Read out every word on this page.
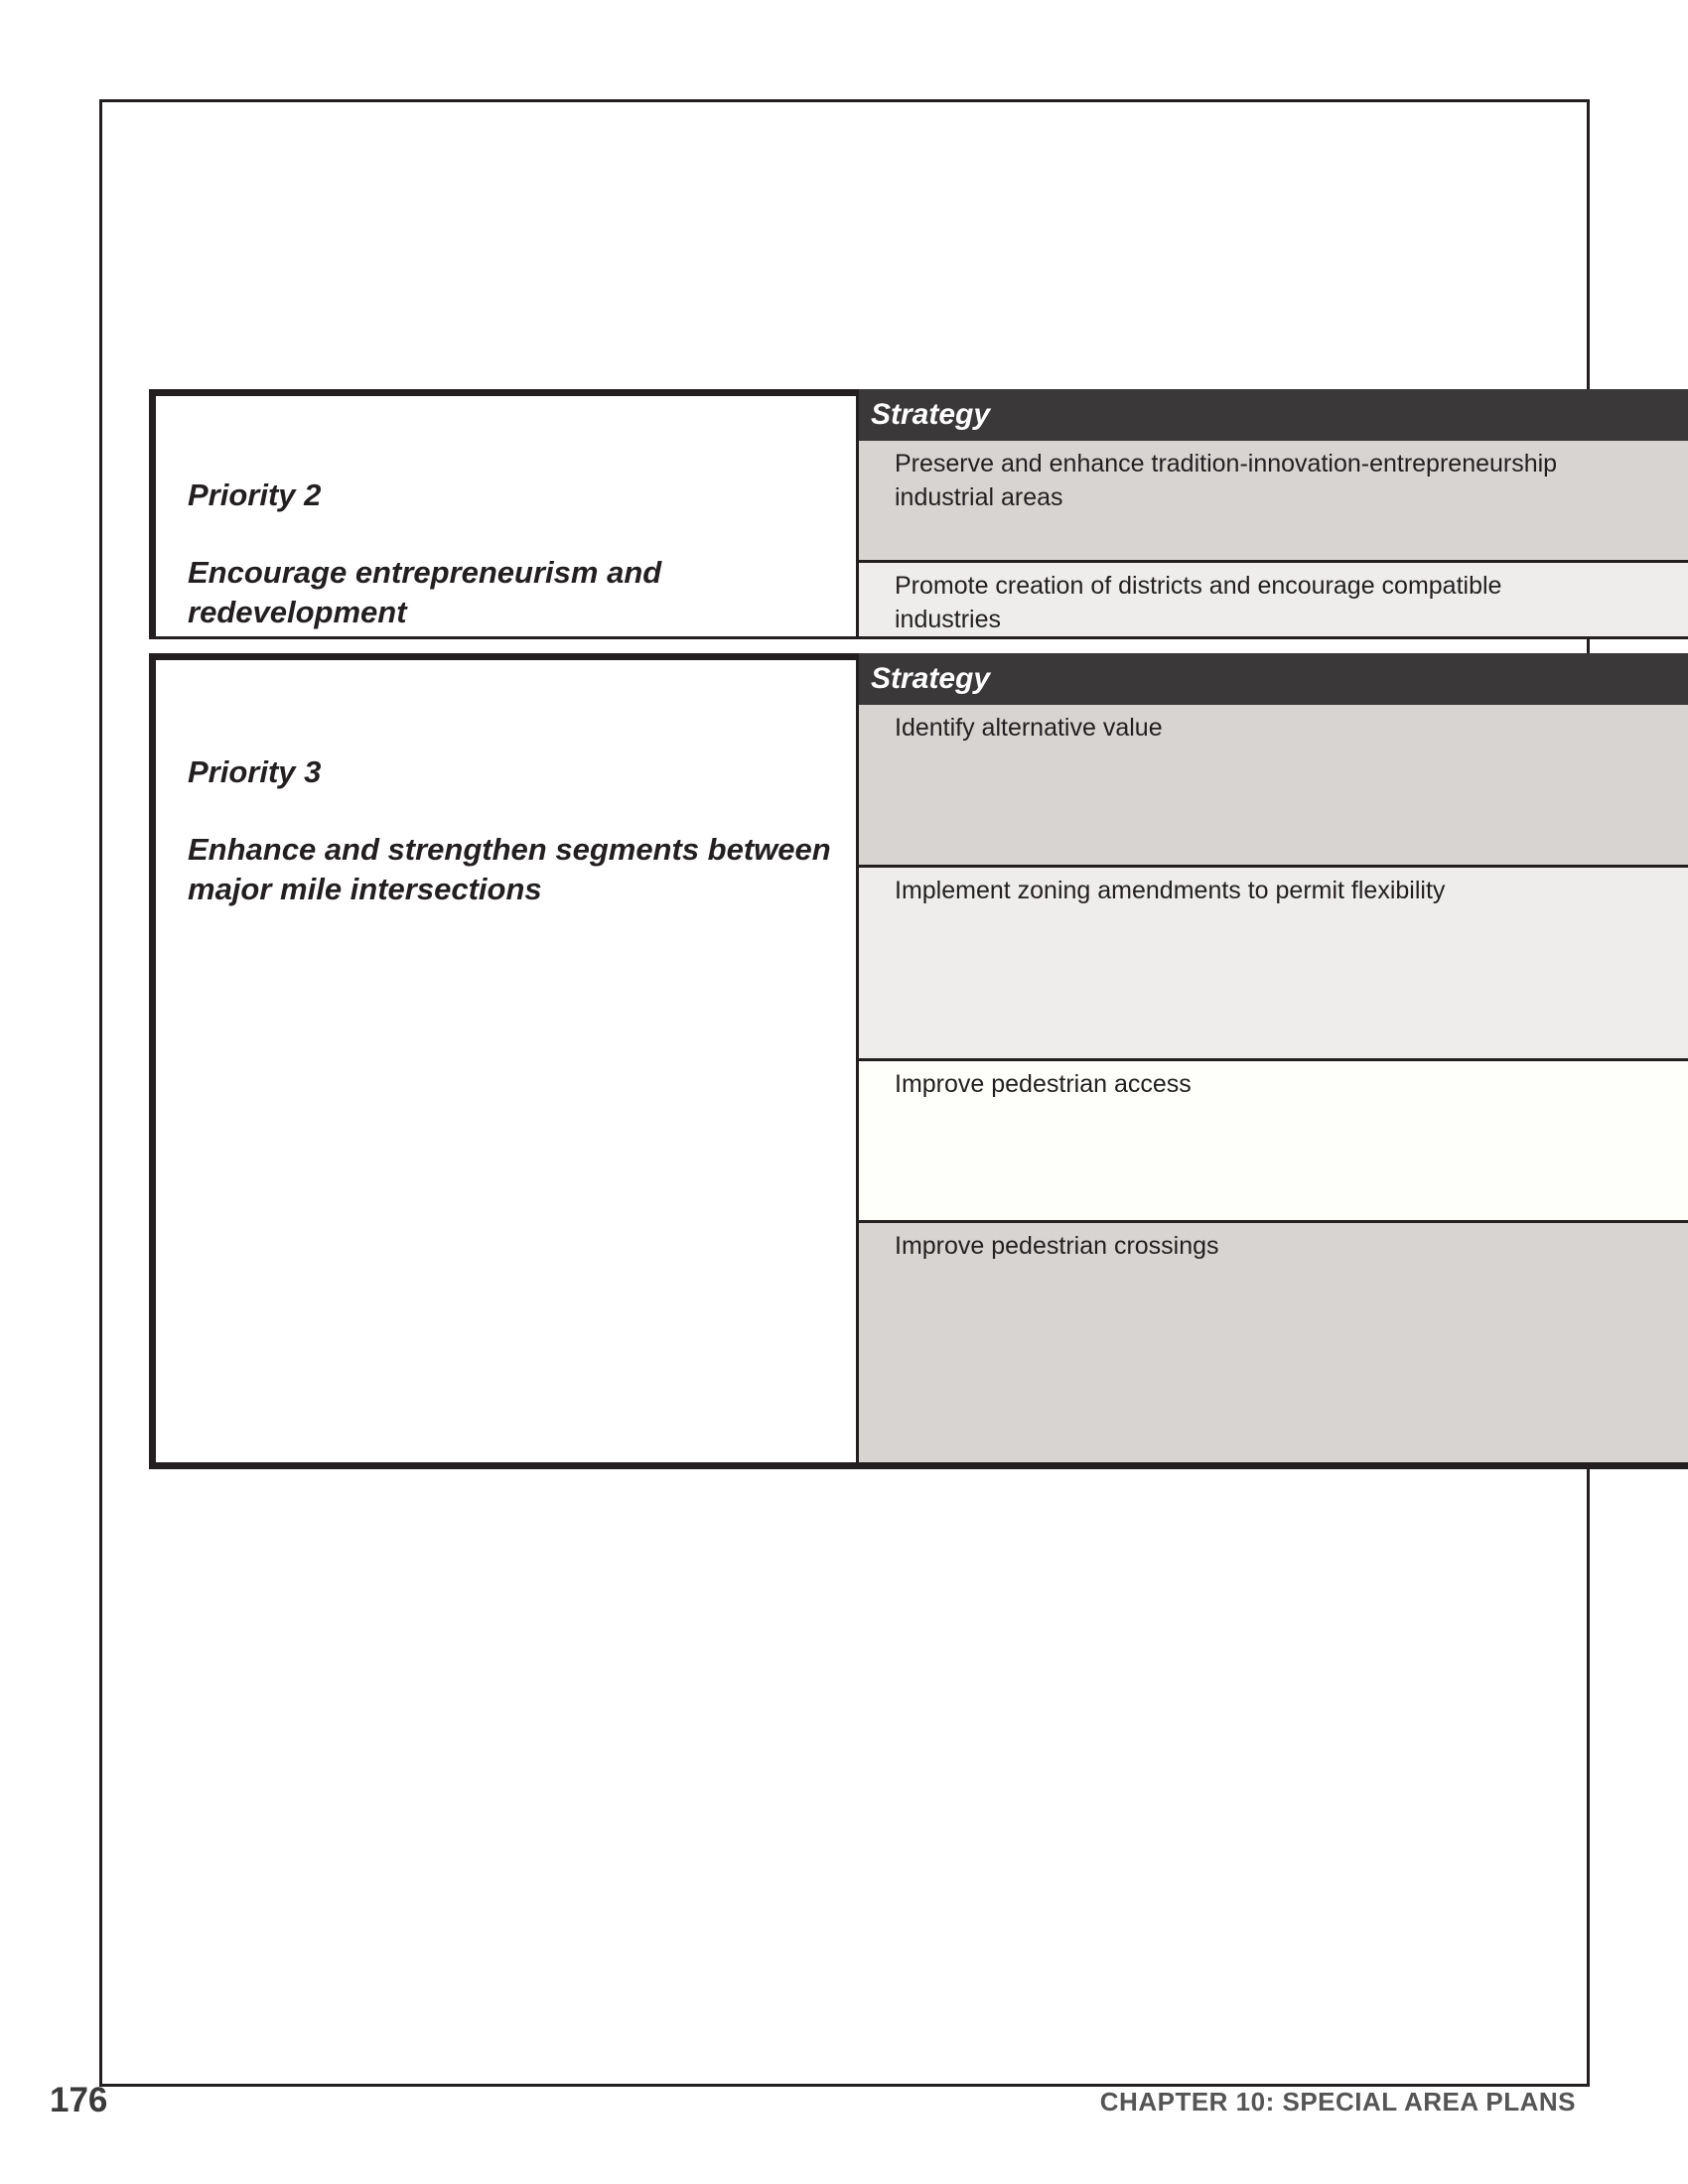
Priority 2
Encourage entrepreneurism and redevelopment
Strategy
Preserve and enhance tradition-innovation-entrepreneurship industrial areas
Promote creation of districts and encourage compatible industries
Priority 3
Enhance and strengthen segments between major mile intersections
Strategy
Identify alternative value
Implement zoning amendments to permit flexibility
Improve pedestrian access
Improve pedestrian crossings
176	CHAPTER 10: SPECIAL AREA PLANS
